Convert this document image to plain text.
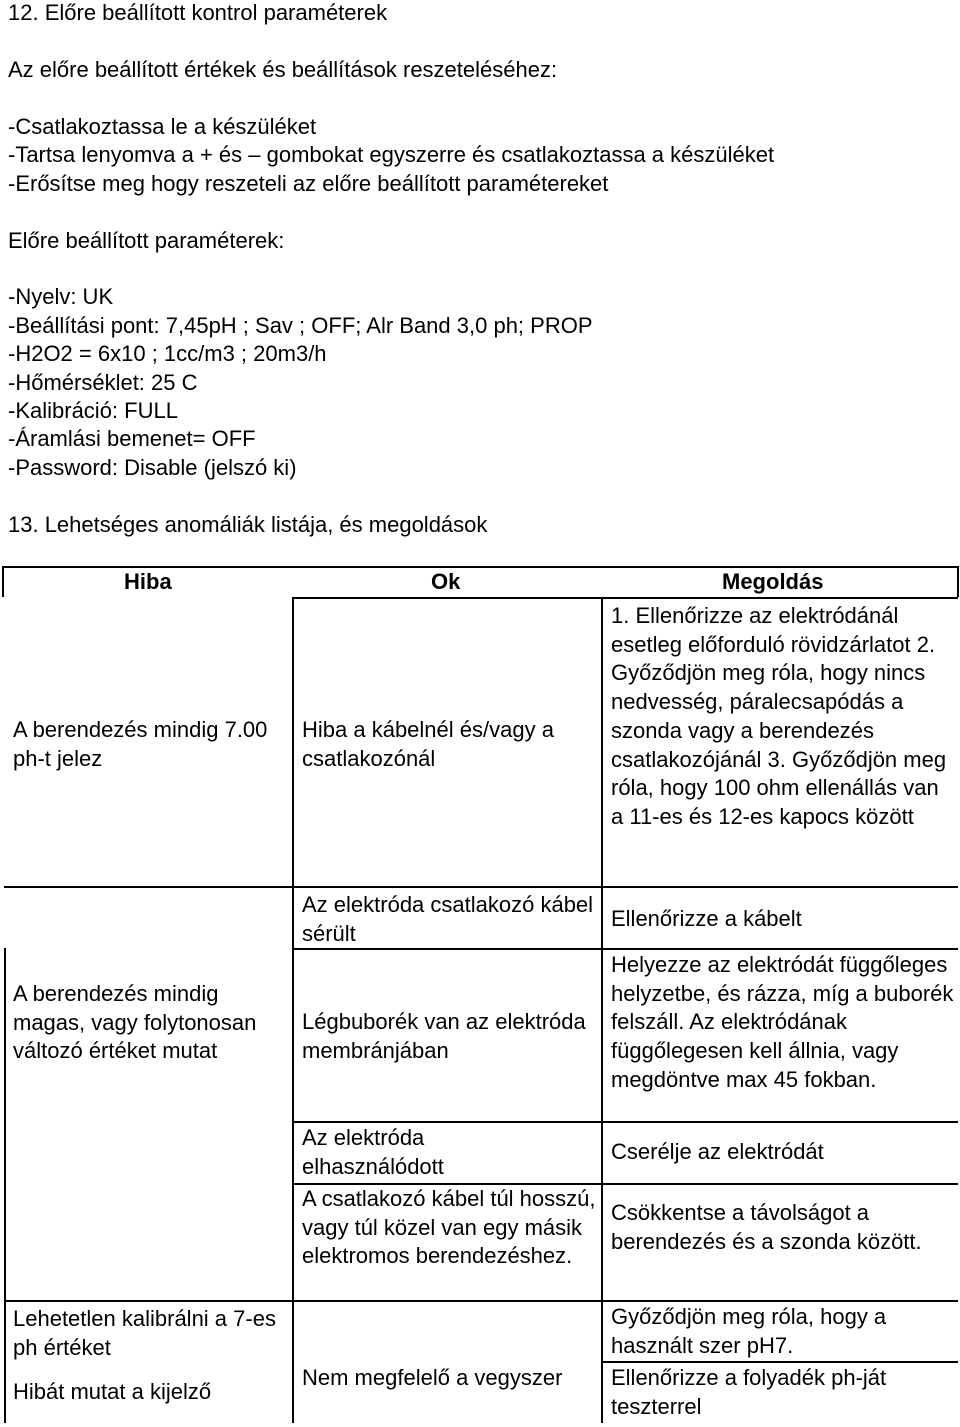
12. Előre beállított kontrol paraméterek
Az előre beállított értékek és beállítások reszeteléséhez:
-Csatlakoztassa le a készüléket
-Tartsa lenyomva a + és – gombokat egyszerre és csatlakoztassa a készüléket
-Erősítse meg hogy reszeteli az előre beállított paramétereket
Előre beállított paraméterek:
-Nyelv: UK
-Beállítási pont: 7,45pH ; Sav ; OFF; Alr Band 3,0 ph; PROP
-H2O2 = 6x10 ; 1cc/m3 ; 20m3/h
-Hőmérséklet: 25 C
-Kalibráció: FULL
-Áramlási bemenet= OFF
-Password: Disable (jelszó ki)
13. Lehetséges anomáliák listája, és megoldások
Hiba	Ok	Megoldás
A berendezés mindig 7.00 ph-t jelez
A berendezés mindig magas, vagy folytonosan változó értéket mutat
Lehetetlen kalibrálni a 7-es ph értéket
Hibát mutat a kijelző
Hiba a kábelnél és/vagy a csatlakozónál
Az elektróda csatlakozó kábel sérült
Légbuborék van az elektróda membránjában
Az elektróda elhasználódott
A csatlakozó kábel túl hosszú, vagy túl közel van egy másik elektromos berendezéshez.
Nem megfelelő a vegyszer
1. Ellenőrizze az elektródánál esetleg előforduló rövidzárlatot 2. Győződjön meg róla, hogy nincs nedvesség, páralecsapódás a szonda vagy a berendezés csatlakozójánál 3. Győződjön meg róla, hogy 100 ohm ellenállás van a 11-es és 12-es kapocs között
Ellenőrizze a kábelt
Helyezze az elektródát függőleges helyzetbe, és rázza, míg a buborék felszáll. Az elektródának függőlegesen kell állnia, vagy megdöntve max 45 fokban.
Cserélje az elektródát
Csökkentse a távolságot a berendezés és a szonda között.
Győződjön meg róla, hogy a használt szer pH7.
Ellenőrizze a folyadék ph-ját teszterrel
